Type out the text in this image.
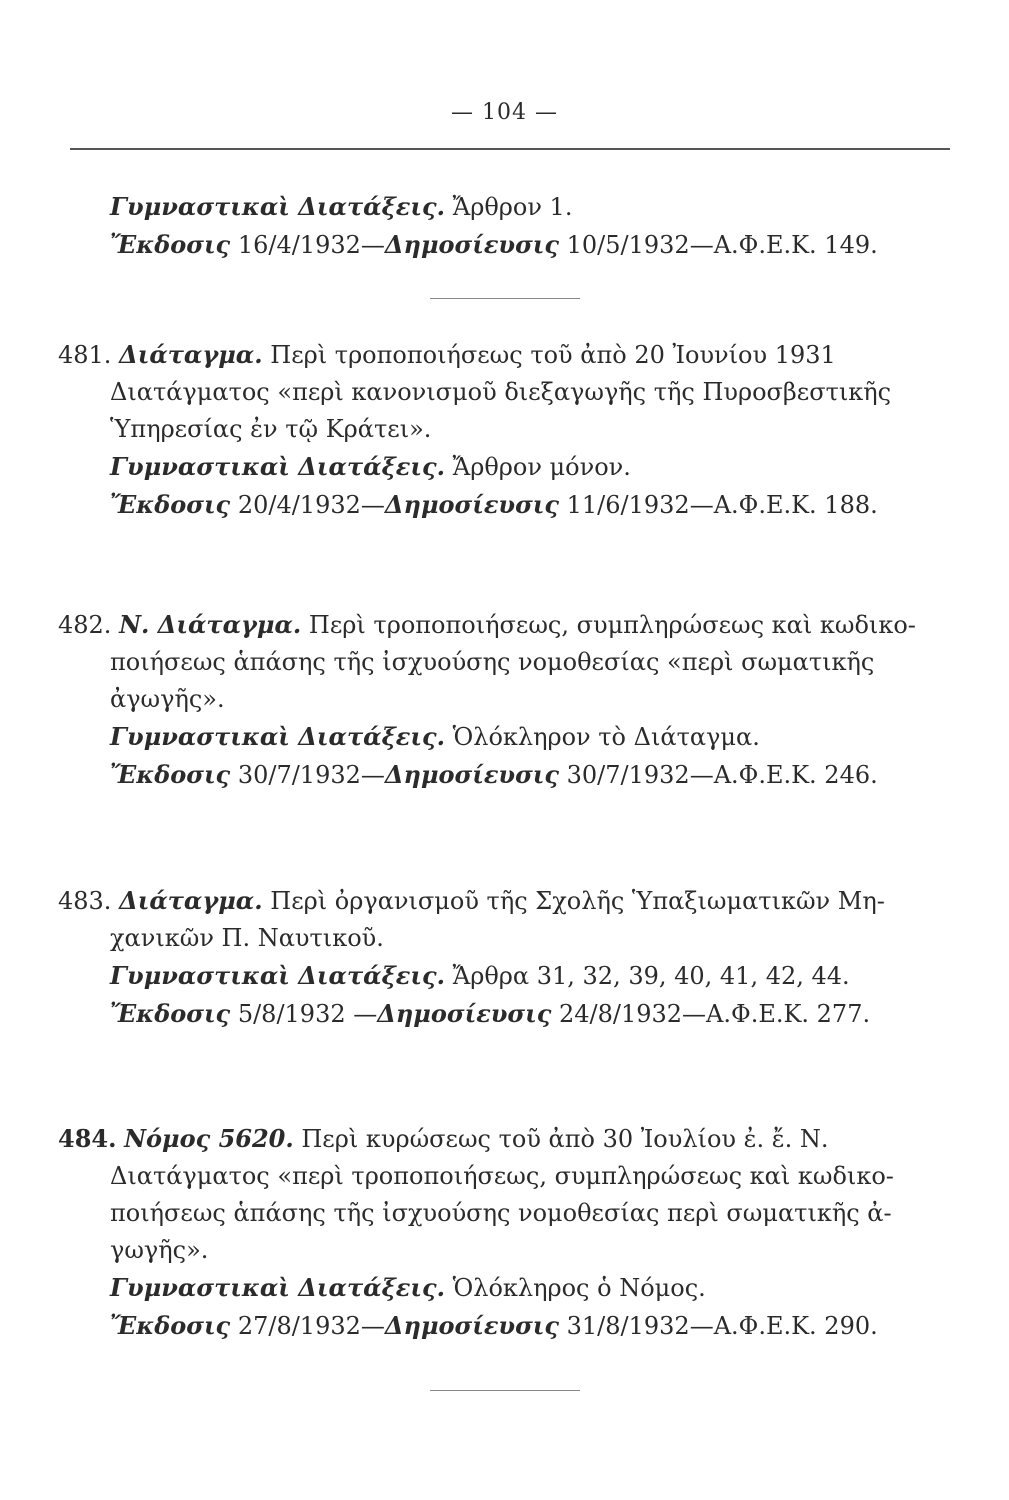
— 104 —
Γυμναστικαὶ Διατάξεις. Ἄρθρον 1.
Ἔκδοσις 16/4/1932—Δημοσίευσις 10/5/1932—Α.Φ.Ε.Κ. 149.
481. Διάταγμα. Περὶ τροποποιήσεως τοῦ ἀπὸ 20 Ἰουνίου 1931
Διατάγματος «περὶ κανονισμοῦ διεξαγωγῆς τῆς Πυροσβεστικῆς
Ὑπηρεσίας ἐν τῷ Κράτει».
Γυμναστικαὶ Διατάξεις. Ἄρθρον μόνον.
Ἔκδοσις 20/4/1932—Δημοσίευσις 11/6/1932—Α.Φ.Ε.Κ. 188.
482. Ν. Διάταγμα. Περὶ τροποποιήσεως, συμπληρώσεως καὶ κωδικο-
ποιήσεως ἁπάσης τῆς ἰσχυούσης νομοθεσίας «περὶ σωματικῆς
ἀγωγῆς».
Γυμναστικαὶ Διατάξεις. Ὁλόκληρον τὸ Διάταγμα.
Ἔκδοσις 30/7/1932—Δημοσίευσις 30/7/1932—Α.Φ.Ε.Κ. 246.
483. Διάταγμα. Περὶ ὀργανισμοῦ τῆς Σχολῆς Ὑπαξιωματικῶν Μη-
χανικῶν Π. Ναυτικοῦ.
Γυμναστικαὶ Διατάξεις. Ἄρθρα 31, 32, 39, 40, 41, 42, 44.
Ἔκδοσις 5/8/1932 —Δημοσίευσις 24/8/1932—Α.Φ.Ε.Κ. 277.
484. Νόμος 5620. Περὶ κυρώσεως τοῦ ἀπὸ 30 Ἰουλίου ἐ. ἔ. Ν.
Διατάγματος «περὶ τροποποιήσεως, συμπληρώσεως καὶ κωδικο-
ποιήσεως ἁπάσης τῆς ἰσχυούσης νομοθεσίας περὶ σωματικῆς ἀ-
γωγῆς».
Γυμναστικαὶ Διατάξεις. Ὁλόκληρος ὁ Νόμος.
Ἔκδοσις 27/8/1932—Δημοσίευσις 31/8/1932—Α.Φ.Ε.Κ. 290.
